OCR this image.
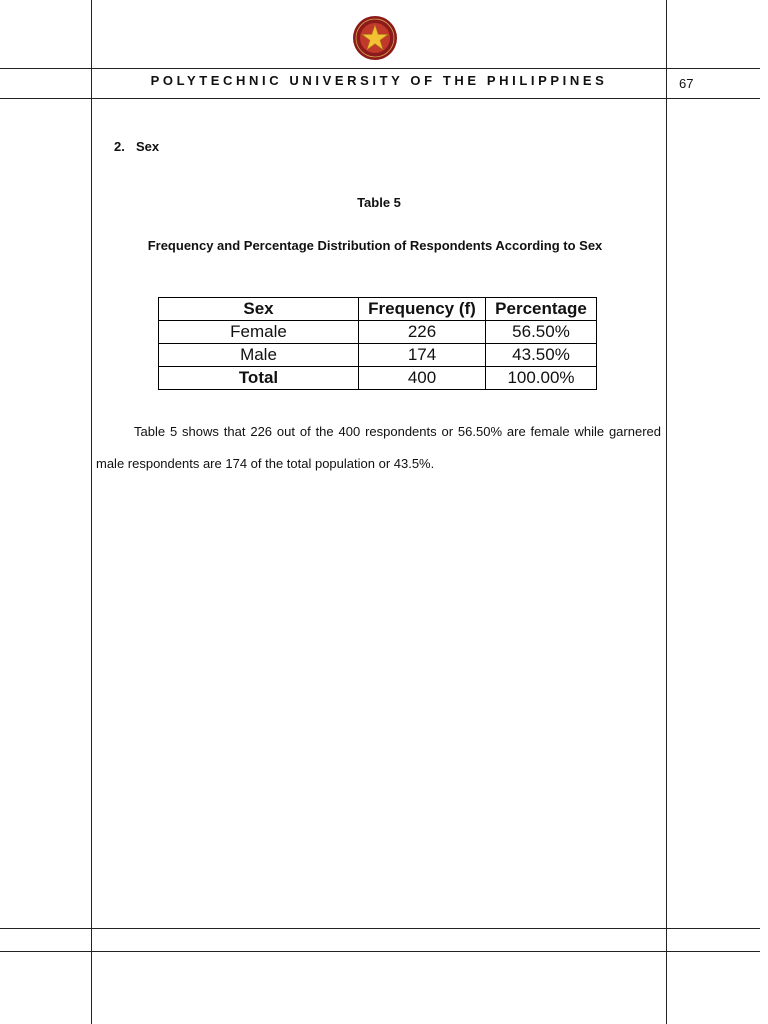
POLYTECHNIC UNIVERSITY OF THE PHILIPPINES	67
2. Sex
Table 5
Frequency and Percentage Distribution of Respondents According to Sex
Sex	Frequency (f)	Percentage
Female	226	56.50%
Male	174	43.50%
Total	400	100.00%

Table 5 shows that 226 out of the 400 respondents or 56.50% are female while garnered male respondents are 174 of the total population or 43.5%.
